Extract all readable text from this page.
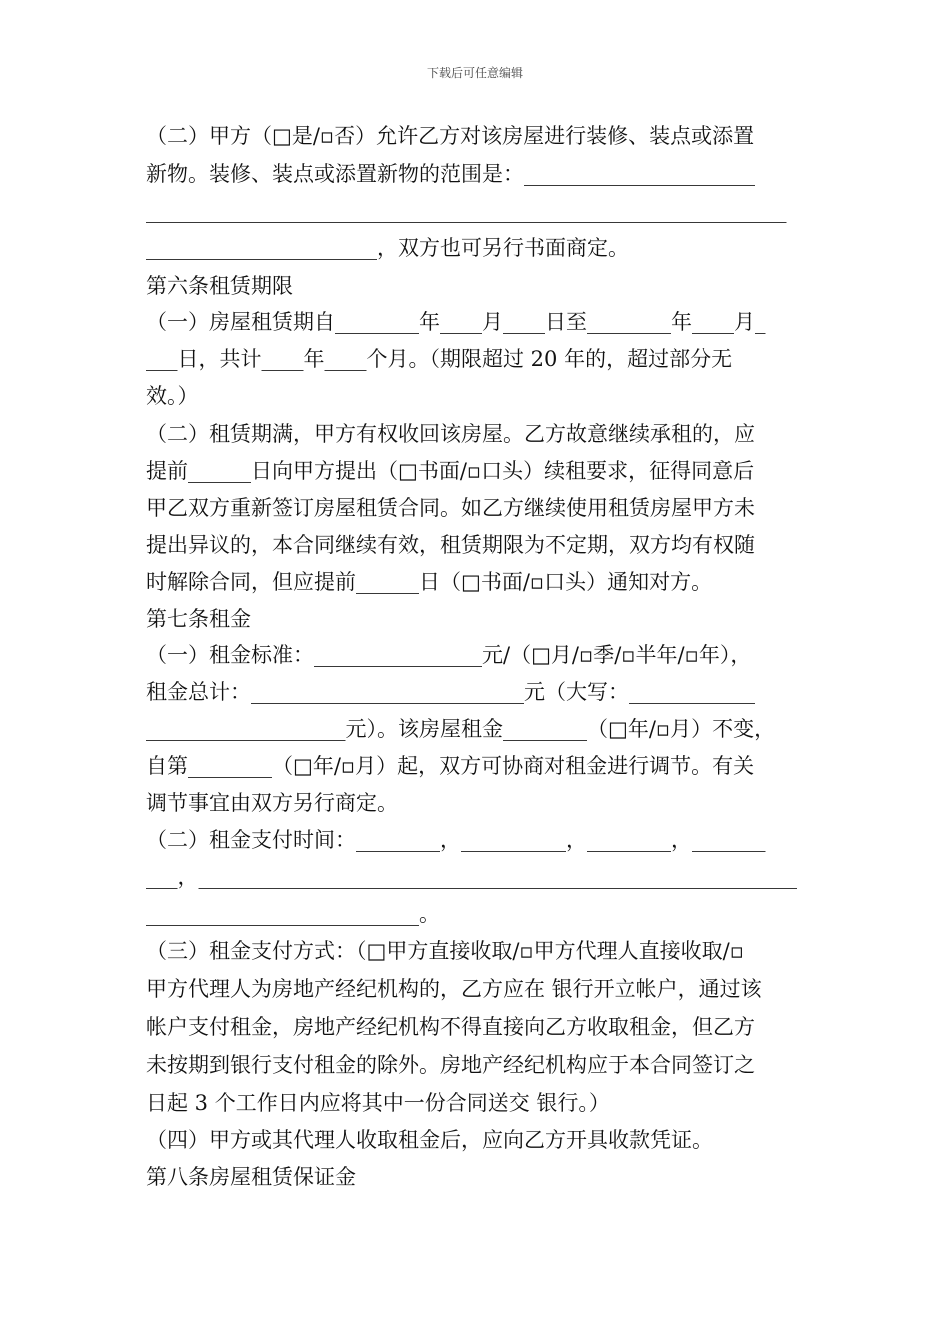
下载后可任意编辑
（二）甲方（□是/▫否）允许乙方对该房屋进行装修、装点或添置
新物。装修、装点或添置新物的范围是：______________________
_____________________________________________________________
______________________，双方也可另行书面商定。
第六条租赁期限
（一）房屋租赁期自________年____月____日至________年____月_
___日，共计____年____个月。（期限超过 20 年的，超过部分无
效。）
（二）租赁期满，甲方有权收回该房屋。乙方故意继续承租的，应
提前______日向甲方提出（□书面/▫口头）续租要求，征得同意后
甲乙双方重新签订房屋租赁合同。如乙方继续使用租赁房屋甲方未
提出异议的，本合同继续有效，租赁期限为不定期，双方均有权随
时解除合同，但应提前______日（□书面/▫口头）通知对方。
第七条租金
（一）租金标准：________________元/（□月/▫季/▫半年/▫年），
租金总计：__________________________元（大写：____________
___________________元）。该房屋租金________（□年/▫月）不变，
自第________（□年/▫月）起，双方可协商对租金进行调节。有关
调节事宜由双方另行商定。
（二）租金支付时间：________，__________，________，_______
___，_________________________________________________________
__________________________。
（三）租金支付方式：（□甲方直接收取/▫甲方代理人直接收取/▫
甲方代理人为房地产经纪机构的，乙方应在 银行开立帐户，通过该
帐户支付租金，房地产经纪机构不得直接向乙方收取租金，但乙方
未按期到银行支付租金的除外。房地产经纪机构应于本合同签订之
日起 3 个工作日内应将其中一份合同送交 银行。）
（四）甲方或其代理人收取租金后，应向乙方开具收款凭证。
第八条房屋租赁保证金
